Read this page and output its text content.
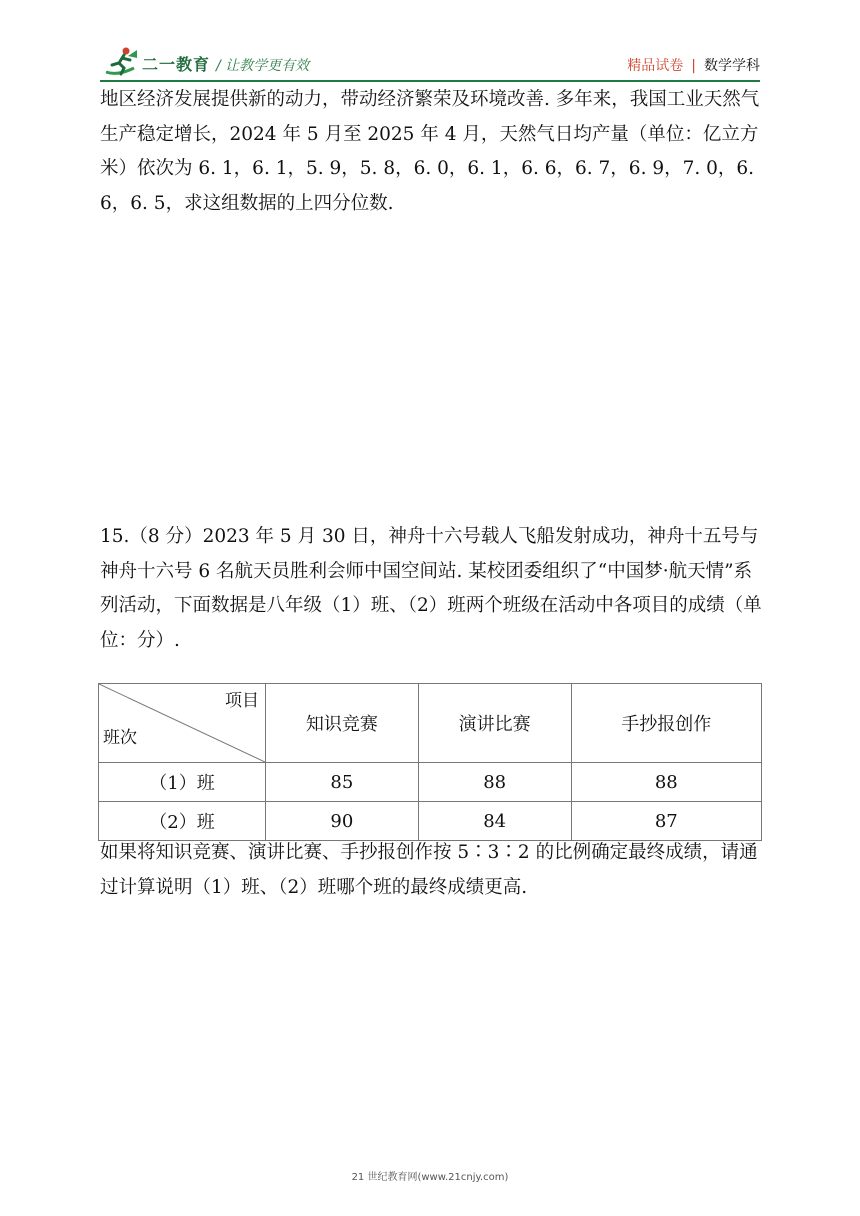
二一教育 / 让教学更有效	精品试卷 | 数学学科

地区经济发展提供新的动力，带动经济繁荣及环境改善. 多年来，我国工业天然气生产稳定增长，2024 年 5 月至 2025 年 4 月，天然气日均产量（单位：亿立方米）依次为 6. 1，6. 1，5. 9，5. 8，6. 0，6. 1，6. 6，6. 7，6. 9，7. 0，6. 6，6. 5，求这组数据的上四分位数.

15.（8 分）2023 年 5 月 30 日，神舟十六号载人飞船发射成功，神舟十五号与神舟十六号 6 名航天员胜利会师中国空间站. 某校团委组织了“中国梦·航天情”系列活动，下面数据是八年级（1）班、（2）班两个班级在活动中各项目的成绩（单位：分）.

项目
班次	知识竞赛	演讲比赛	手抄报创作
（1）班	85	88	88
（2）班	90	84	87

如果将知识竞赛、演讲比赛、手抄报创作按 5∶3∶2 的比例确定最终成绩，请通过计算说明（1）班、（2）班哪个班的最终成绩更高.

21 世纪教育网(www.21cnjy.com)
